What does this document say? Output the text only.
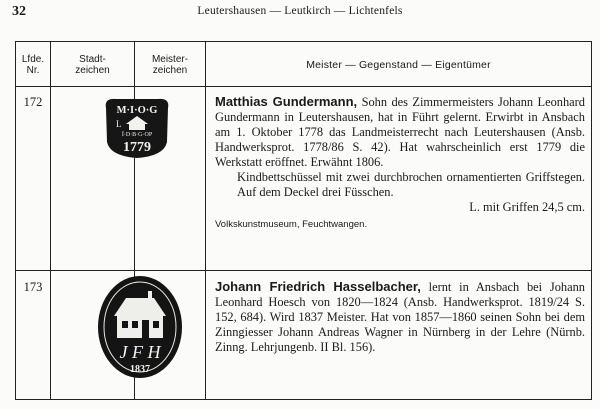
32	Leutershausen — Leutkirch — Lichtenfels
Lfde.
Nr.
Stadt-
zeichen
Meister-
zeichen	Meister — Gegenstand — Eigentümer
172
M·I·O·G
L
Ï·D·B·G·OP
1779

Matthias Gundermann, Sohn des Zimmermeisters Johann Leonhard Gundermann in Leutershausen, hat in Führt gelernt. Erwirbt in Ansbach am 1. Oktober 1778 das Landmeisterrecht nach Leutershausen (Ansb. Handwerksprot. 1778/86 S. 42). Hat wahrscheinlich erst 1779 die Werkstatt eröffnet. Erwähnt 1806.

Kindbettschüssel mit zwei durchbrochen ornamentierten Griffstegen. Auf dem Deckel drei Füsschen.

L. mit Griffen 24,5 cm.

Volkskunstmuseum, Feuchtwangen.

173
J F H
1837

Johann Friedrich Hasselbacher, lernt in Ansbach bei Johann Leonhard Hoesch von 1820—1824 (Ansb. Handwerksprot. 1819/24 S. 152, 684). Wird 1837 Meister. Hat von 1857—1860 seinen Sohn bei dem Zinngiesser Johann Andreas Wagner in Nürnberg in der Lehre (Nürnb. Zinng. Lehrjungenb. II Bl. 156).
